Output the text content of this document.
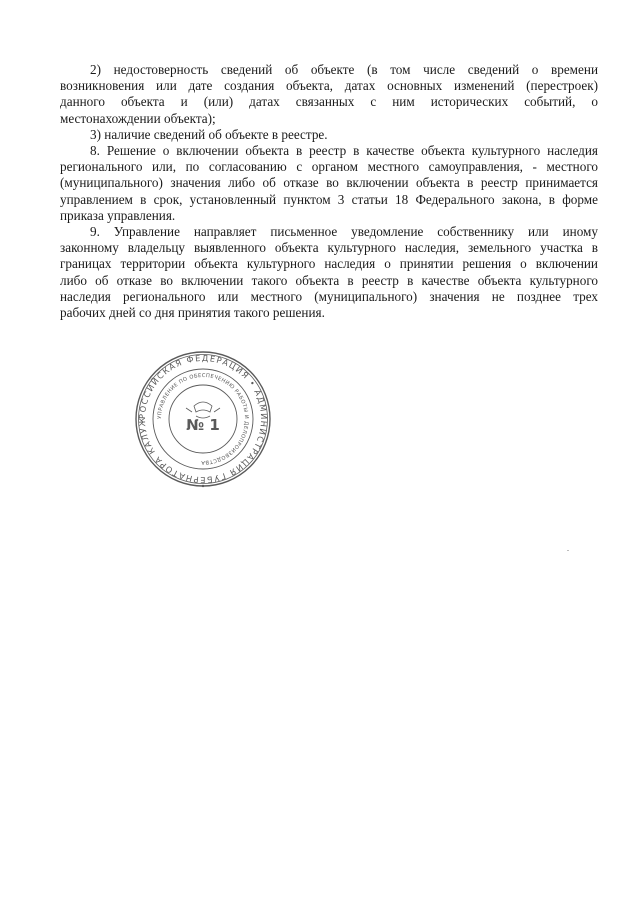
2) недостоверность сведений об объекте (в том числе сведений о времени
возникновения или дате создания объекта, датах основных изменений (перестроек)
данного объекта и (или) датах связанных с ним исторических событий, о
местонахождении объекта);

3) наличие сведений об объекте в реестре.

8. Решение о включении объекта в реестр в качестве объекта культурного наследия
регионального или, по согласованию с органом местного самоуправления, - местного
(муниципального) значения либо об отказе во включении объекта в реестр принимается
управлением в срок, установленный пунктом 3 статьи 18 Федерального закона, в форме
приказа управления.

9. Управление направляет письменное уведомление собственнику или иному
законному владельцу выявленного объекта культурного наследия, земельного участка в
границах территории объекта культурного наследия о принятии решения о включении
либо об отказе во включении такого объекта в реестр в качестве объекта культурного
наследия регионального или местного (муниципального) значения не позднее трех
рабочих дней со дня принятия такого решения.

РОССИЙСКАЯ ФЕДЕРАЦИЯ • АДМИНИСТРАЦИЯ ГУБЕРНАТОРА КАЛУЖ	УПРАВЛЕНИЕ ПО ОБЕСПЕЧЕНИЮ РАБОТЫ И ДЕЛОПРОИЗВОДСТВА
№ 1
